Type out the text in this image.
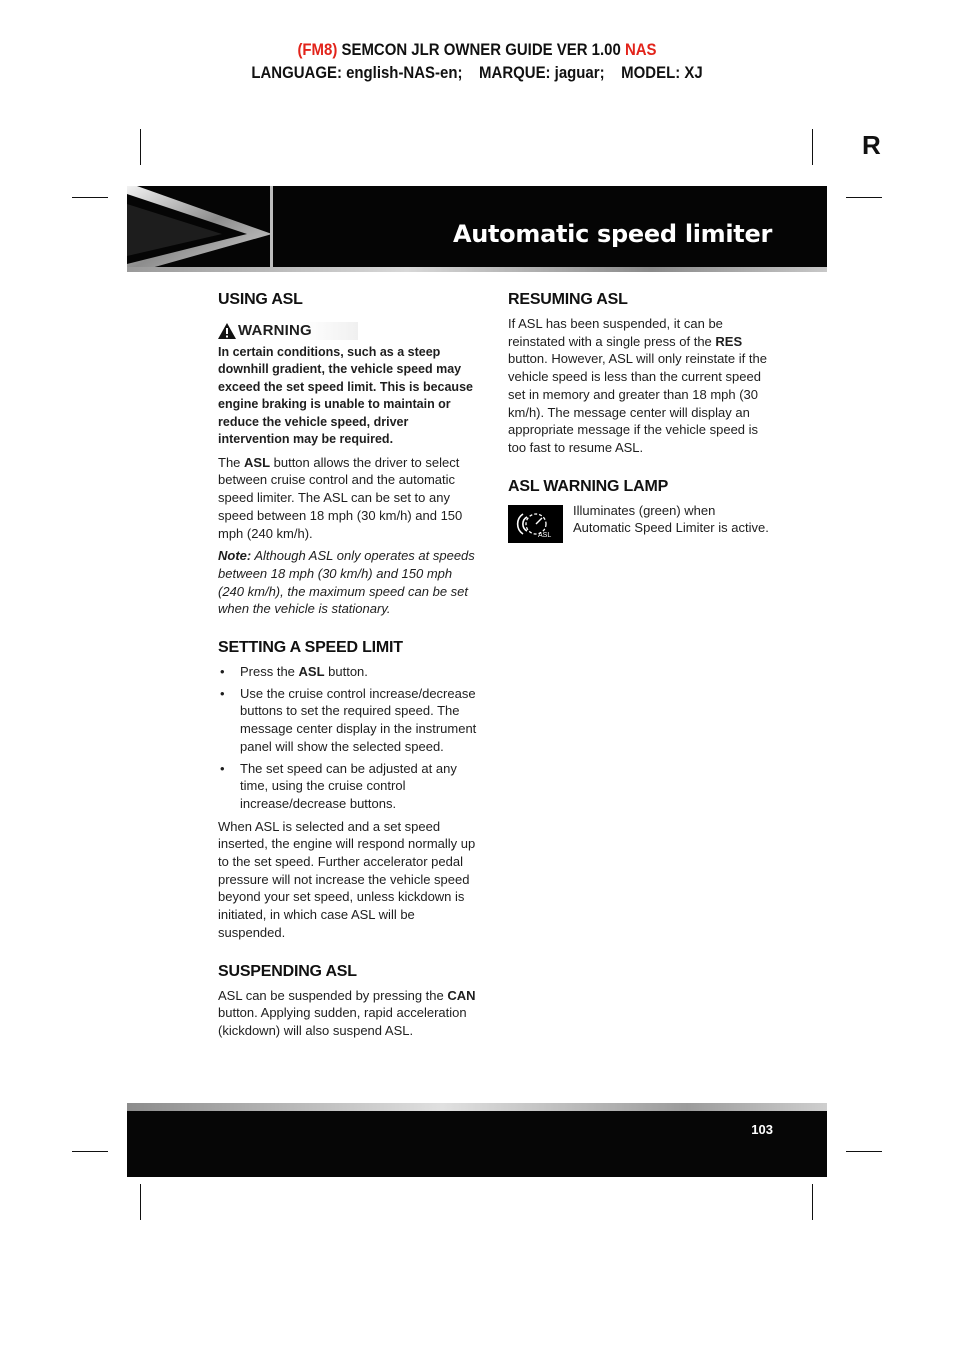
(FM8) SEMCON JLR OWNER GUIDE VER 1.00 NAS
LANGUAGE: english-NAS-en;    MARQUE: jaguar;    MODEL: XJ
R
Automatic speed limiter
USING ASL
WARNING

In certain conditions, such as a steep downhill gradient, the vehicle speed may exceed the set speed limit. This is because engine braking is unable to maintain or reduce the vehicle speed, driver intervention may be required.

The ASL button allows the driver to select between cruise control and the automatic speed limiter. The ASL can be set to any speed between 18 mph (30 km/h) and 150 mph (240 km/h).

Note: Although ASL only operates at speeds between 18 mph (30 km/h) and 150 mph (240 km/h), the maximum speed can be set when the vehicle is stationary.

SETTING A SPEED LIMIT
• Press the ASL button.
• Use the cruise control increase/decrease buttons to set the required speed. The message center display in the instrument panel will show the selected speed.
• The set speed can be adjusted at any time, using the cruise control increase/decrease buttons.

When ASL is selected and a set speed inserted, the engine will respond normally up to the set speed. Further accelerator pedal pressure will not increase the vehicle speed beyond your set speed, unless kickdown is initiated, in which case ASL will be suspended.

SUSPENDING ASL

ASL can be suspended by pressing the CAN button. Applying sudden, rapid acceleration (kickdown) will also suspend ASL.

RESUMING ASL

If ASL has been suspended, it can be reinstated with a single press of the RES button. However, ASL will only reinstate if the vehicle speed is less than the current speed set in memory and greater than 18 mph (30 km/h). The message center will display an appropriate message if the vehicle speed is too fast to resume ASL.

ASL WARNING LAMP
ASL

Illuminates (green) when Automatic Speed Limiter is active.

103
